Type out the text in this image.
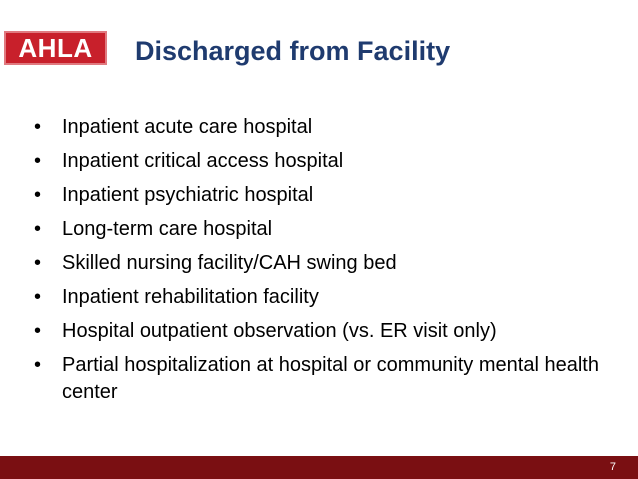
AHLA Discharged from Facility
• Inpatient acute care hospital
• Inpatient critical access hospital
• Inpatient psychiatric hospital
• Long-term care hospital
• Skilled nursing facility/CAH swing bed
• Inpatient rehabilitation facility
• Hospital outpatient observation (vs. ER visit only)
• Partial hospitalization at hospital or community mental health center
7
